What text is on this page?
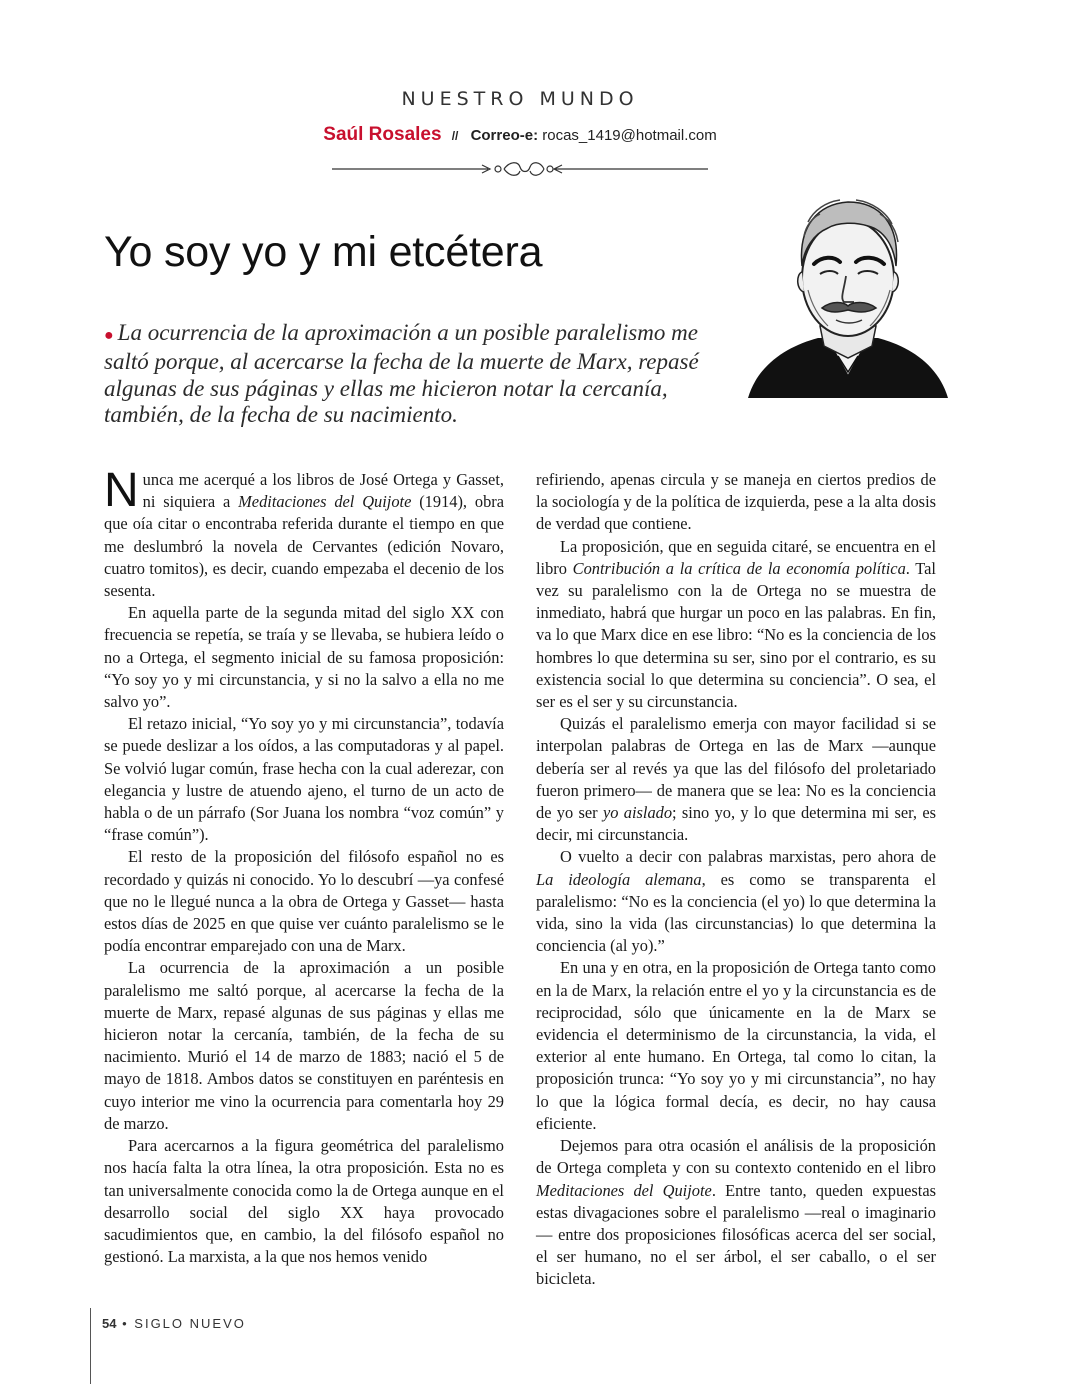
NUESTRO MUNDO
Saúl Rosales // Correo-e: rocas_1419@hotmail.com
Yo soy yo y mi etcétera

● La ocurrencia de la aproximación a un posible paralelismo me saltó porque, al acercarse la fecha de la muerte de Marx, repasé algunas de sus páginas y ellas me hicieron notar la cercanía, también, de la fecha de su nacimiento.

Nunca me acerqué a los libros de José Ortega y Gasset, ni siquiera a Meditaciones del Quijote (1914), obra que oía citar o encontraba referida durante el tiempo en que me deslumbró la novela de Cervantes (edición Novaro, cuatro tomitos), es decir, cuando empezaba el decenio de los sesenta.

En aquella parte de la segunda mitad del siglo XX con frecuencia se repetía, se traía y se llevaba, se hubiera leído o no a Ortega, el segmento inicial de su famosa proposición: “Yo soy yo y mi circunstancia, y si no la salvo a ella no me salvo yo”.

El retazo inicial, “Yo soy yo y mi circunstancia”, todavía se puede deslizar a los oídos, a las computadoras y al papel. Se volvió lugar común, frase hecha con la cual aderezar, con elegancia y lustre de atuendo ajeno, el turno de un acto de habla o de un párrafo (Sor Juana los nombra “voz común” y “frase común”).

El resto de la proposición del filósofo español no es recordado y quizás ni conocido. Yo lo descubrí —ya confesé que no le llegué nunca a la obra de Ortega y Gasset— hasta estos días de 2025 en que quise ver cuánto paralelismo se le podía encontrar emparejado con una de Marx.

La ocurrencia de la aproximación a un posible paralelismo me saltó porque, al acercarse la fecha de la muerte de Marx, repasé algunas de sus páginas y ellas me hicieron notar la cercanía, también, de la fecha de su nacimiento. Murió el 14 de marzo de 1883; nació el 5 de mayo de 1818. Ambos datos se constituyen en paréntesis en cuyo interior me vino la ocurrencia para comentarla hoy 29 de marzo.

Para acercarnos a la figura geométrica del paralelismo nos hacía falta la otra línea, la otra proposición. Esta no es tan universalmente conocida como la de Ortega aunque en el desarrollo social del siglo XX haya provocado sacudimientos que, en cambio, la del filósofo español no gestionó. La marxista, a la que nos hemos venido

refiriendo, apenas circula y se maneja en ciertos predios de la sociología y de la política de izquierda, pese a la alta dosis de verdad que contiene.

La proposición, que en seguida citaré, se encuentra en el libro Contribución a la crítica de la economía política. Tal vez su paralelismo con la de Ortega no se muestra de inmediato, habrá que hurgar un poco en las palabras. En fin, va lo que Marx dice en ese libro: “No es la conciencia de los hombres lo que determina su ser, sino por el contrario, es su existencia social lo que determina su conciencia”. O sea, el ser es el ser y su circunstancia.

Quizás el paralelismo emerja con mayor facilidad si se interpolan palabras de Ortega en las de Marx —aunque debería ser al revés ya que las del filósofo del proletariado fueron primero— de manera que se lea: No es la conciencia de yo ser yo aislado; sino yo, y lo que determina mi ser, es decir, mi circunstancia.

O vuelto a decir con palabras marxistas, pero ahora de La ideología alemana, es como se transparenta el paralelismo: “No es la conciencia (el yo) lo que determina la vida, sino la vida (las circunstancias) lo que determina la conciencia (al yo).”

En una y en otra, en la proposición de Ortega tanto como en la de Marx, la relación entre el yo y la circunstancia es de reciprocidad, sólo que únicamente en la de Marx se evidencia el determinismo de la circunstancia, la vida, el exterior al ente humano. En Ortega, tal como lo citan, la proposición trunca: “Yo soy yo y mi circunstancia”, no hay lo que la lógica formal decía, es decir, no hay causa eficiente.

Dejemos para otra ocasión el análisis de la proposición de Ortega completa y con su contexto contenido en el libro Meditaciones del Quijote. Entre tanto, queden expuestas estas divagaciones sobre el paralelismo —real o imaginario— entre dos proposiciones filosóficas acerca del ser social, el ser humano, no el ser árbol, el ser caballo, o el ser bicicleta.

54 • SIGLO NUEVO
